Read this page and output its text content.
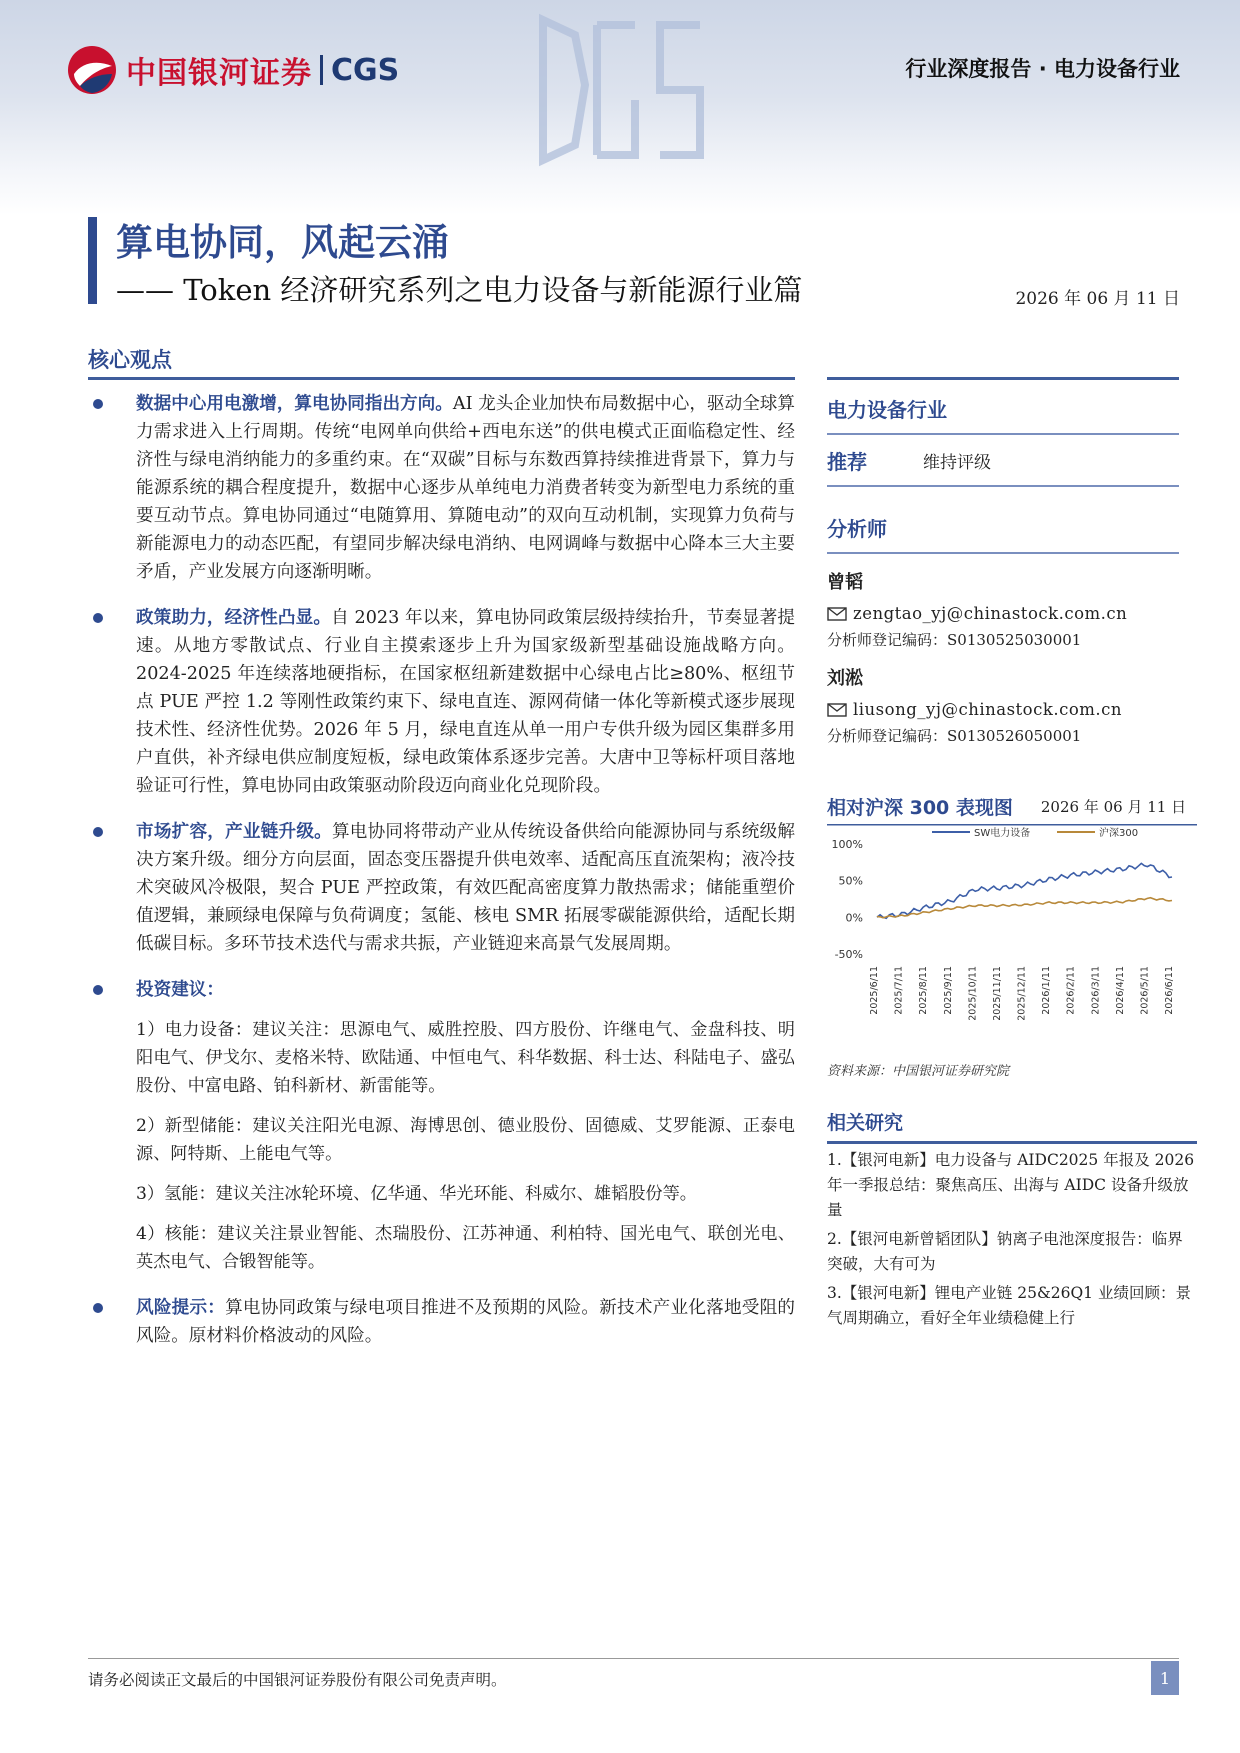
中国银河证券 CGS	行业深度报告 · 电力设备行业
算电协同，风起云涌
—— Token 经济研究系列之电力设备与新能源行业篇	2026 年 06 月 11 日
核心观点

数据中心用电激增，算电协同指出方向。AI 龙头企业加快布局数据中心，驱动全球算力需求进入上行周期。传统“电网单向供给+西电东送”的供电模式正面临稳定性、经济性与绿电消纳能力的多重约束。在“双碳”目标与东数西算持续推进背景下，算力与能源系统的耦合程度提升，数据中心逐步从单纯电力消费者转变为新型电力系统的重要互动节点。算电协同通过“电随算用、算随电动”的双向互动机制，实现算力负荷与新能源电力的动态匹配，有望同步解决绿电消纳、电网调峰与数据中心降本三大主要矛盾，产业发展方向逐渐明晰。

政策助力，经济性凸显。自 2023 年以来，算电协同政策层级持续抬升，节奏显著提速。从地方零散试点、行业自主摸索逐步上升为国家级新型基础设施战略方向。2024-2025 年连续落地硬指标，在国家枢纽新建数据中心绿电占比≥80%、枢纽节点 PUE 严控 1.2 等刚性政策约束下、绿电直连、源网荷储一体化等新模式逐步展现技术性、经济性优势。2026 年 5 月，绿电直连从单一用户专供升级为园区集群多用户直供，补齐绿电供应制度短板，绿电政策体系逐步完善。大唐中卫等标杆项目落地验证可行性，算电协同由政策驱动阶段迈向商业化兑现阶段。

市场扩容，产业链升级。算电协同将带动产业从传统设备供给向能源协同与系统级解决方案升级。细分方向层面，固态变压器提升供电效率、适配高压直流架构；液冷技术突破风冷极限，契合 PUE 严控政策，有效匹配高密度算力散热需求；储能重塑价值逻辑，兼顾绿电保障与负荷调度；氢能、核电 SMR 拓展零碳能源供给，适配长期低碳目标。多环节技术迭代与需求共振，产业链迎来高景气发展周期。

投资建议：

1）电力设备：建议关注：思源电气、威胜控股、四方股份、许继电气、金盘科技、明阳电气、伊戈尔、麦格米特、欧陆通、中恒电气、科华数据、科士达、科陆电子、盛弘股份、中富电路、铂科新材、新雷能等。

2）新型储能：建议关注阳光电源、海博思创、德业股份、固德威、艾罗能源、正泰电源、阿特斯、上能电气等。

3）氢能：建议关注冰轮环境、亿华通、华光环能、科威尔、雄韬股份等。

4）核能：建议关注景业智能、杰瑞股份、江苏神通、利柏特、国光电气、联创光电、英杰电气、合锻智能等。

风险提示：算电协同政策与绿电项目推进不及预期的风险。新技术产业化落地受阻的风险。原材料价格波动的风险。

电力设备行业
推荐	维持评级
分析师
曾韬
zengtao_yj@chinastock.com.cn
分析师登记编码：S0130525030001
刘淞
liusong_yj@chinastock.com.cn
分析师登记编码：S0130526050001
相对沪深 300 表现图 2026 年 06 月 11 日
100%
50%
0%
-50%
2025/6/11 2025/7/11 2025/8/11 2025/9/11 2025/10/11 2025/11/11 2025/12/11 2026/1/11 2026/2/11 2026/3/11 2026/4/11 2026/5/11 2026/6/11
SW电力设备	沪深300
资料来源：中国银河证券研究院
相关研究
1.【银河电新】电力设备与 AIDC2025 年报及 2026 年一季报总结：聚焦高压、出海与 AIDC 设备升级放量
2.【银河电新曾韬团队】钠离子电池深度报告：临界突破，大有可为
3.【银河电新】锂电产业链 25&26Q1 业绩回顾：景气周期确立，看好全年业绩稳健上行
请务必阅读正文最后的中国银河证券股份有限公司免责声明。	1
